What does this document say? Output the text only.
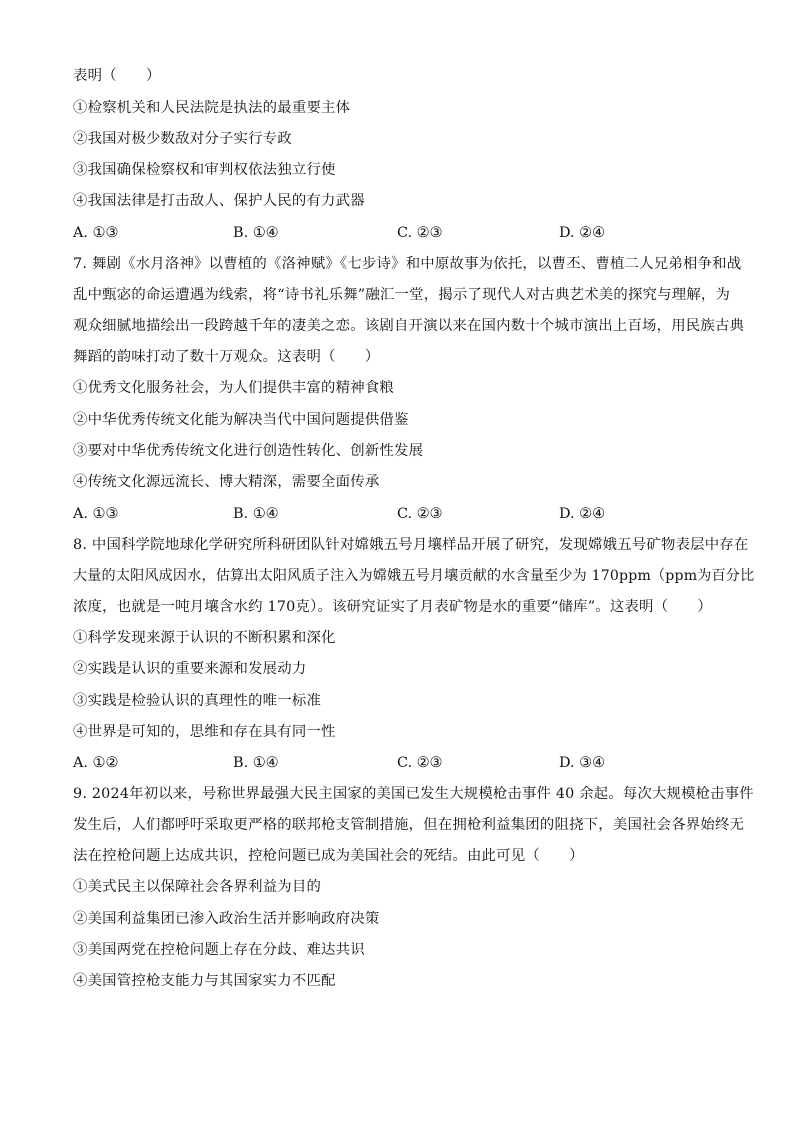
表明（　　）
①检察机关和人民法院是执法的最重要主体
②我国对极少数敌对分子实行专政
③我国确保检察权和审判权依法独立行使
④我国法律是打击敌人、保护人民的有力武器
A. ①③	B. ①④	C. ②③	D. ②④
7. 舞剧《水月洛神》以曹植的《洛神赋》《七步诗》和中原故事为依托，以曹丕、曹植二人兄弟相争和战
乱中甄宓的命运遭遇为线索，将“诗书礼乐舞”融汇一堂，揭示了现代人对古典艺术美的探究与理解，为
观众细腻地描绘出一段跨越千年的凄美之恋。该剧自开演以来在国内数十个城市演出上百场，用民族古典
舞蹈的韵味打动了数十万观众。这表明（　　）
①优秀文化服务社会，为人们提供丰富的精神食粮
②中华优秀传统文化能为解决当代中国问题提供借鉴
③要对中华优秀传统文化进行创造性转化、创新性发展
④传统文化源远流长、博大精深，需要全面传承
A. ①③	B. ①④	C. ②③	D. ②④
8. 中国科学院地球化学研究所科研团队针对嫦娥五号月壤样品开展了研究，发现嫦娥五号矿物表层中存在
大量的太阳风成因水，估算出太阳风质子注入为嫦娥五号月壤贡献的水含量至少为 170ppm（ppm为百分比
浓度，也就是一吨月壤含水约 170克）。该研究证实了月表矿物是水的重要“储库”。这表明（　　）
①科学发现来源于认识的不断积累和深化
②实践是认识的重要来源和发展动力
③实践是检验认识的真理性的唯一标准
④世界是可知的，思维和存在具有同一性
A. ①②	B. ①④	C. ②③	D. ③④
9. 2024年初以来，号称世界最强大民主国家的美国已发生大规模枪击事件 40 余起。每次大规模枪击事件
发生后，人们都呼吁采取更严格的联邦枪支管制措施，但在拥枪利益集团的阻挠下，美国社会各界始终无
法在控枪问题上达成共识，控枪问题已成为美国社会的死结。由此可见（　　）
①美式民主以保障社会各界利益为目的
②美国利益集团已渗入政治生活并影响政府决策
③美国两党在控枪问题上存在分歧、难达共识
④美国管控枪支能力与其国家实力不匹配
